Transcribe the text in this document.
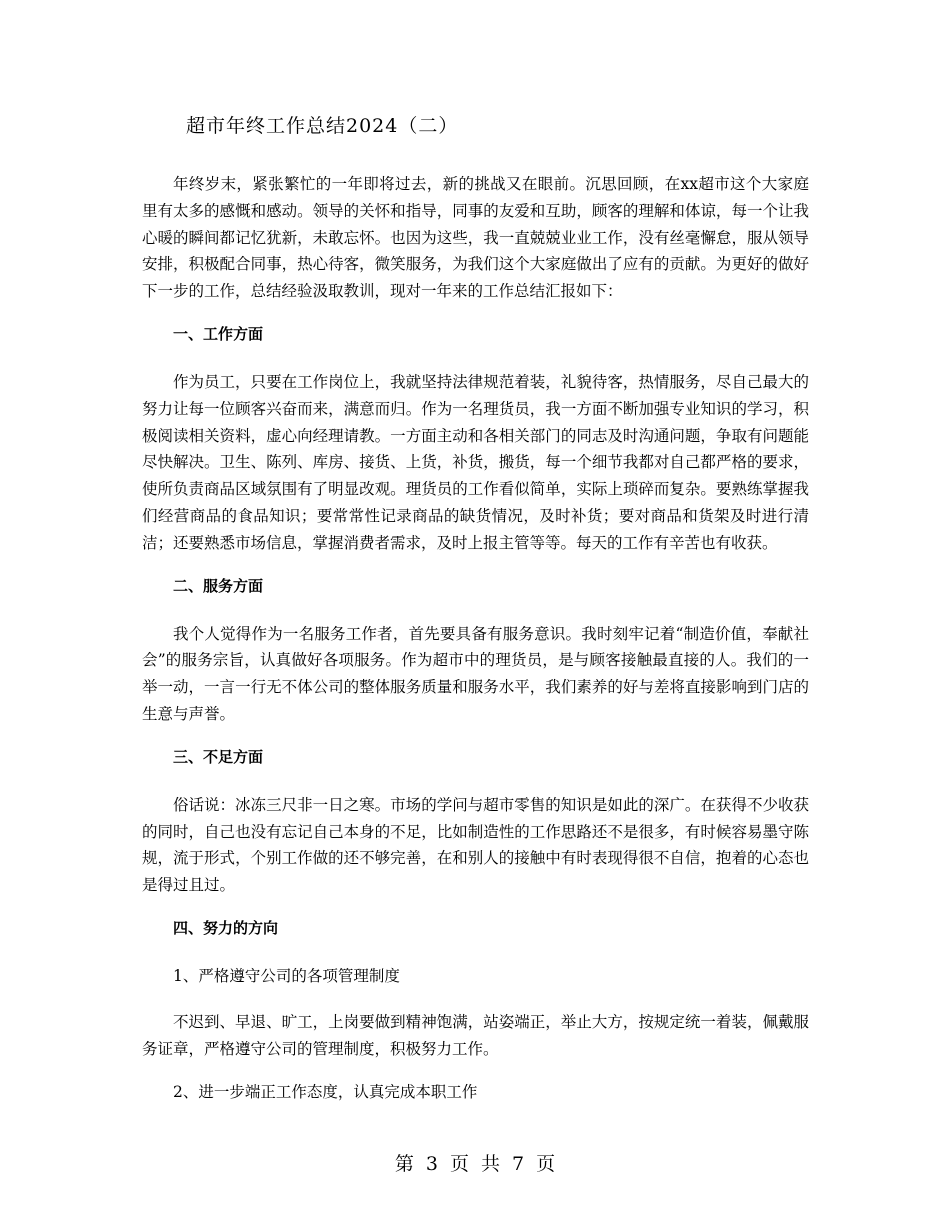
超市年终工作总结2024（二）

年终岁末，紧张繁忙的一年即将过去，新的挑战又在眼前。沉思回顾，在xx超市这个大家庭里有太多的感慨和感动。领导的关怀和指导，同事的友爱和互助，顾客的理解和体谅，每一个让我心暖的瞬间都记忆犹新，未敢忘怀。也因为这些，我一直兢兢业业工作，没有丝毫懈怠，服从领导安排，积极配合同事，热心待客，微笑服务，为我们这个大家庭做出了应有的贡献。为更好的做好下一步的工作，总结经验汲取教训，现对一年来的工作总结汇报如下：

一、工作方面

作为员工，只要在工作岗位上，我就坚持法律规范着装，礼貌待客，热情服务，尽自己最大的努力让每一位顾客兴奋而来，满意而归。作为一名理货员，我一方面不断加强专业知识的学习，积极阅读相关资料，虚心向经理请教。一方面主动和各相关部门的同志及时沟通问题，争取有问题能尽快解决。卫生、陈列、库房、接货、上货，补货，搬货，每一个细节我都对自己都严格的要求，使所负责商品区域氛围有了明显改观。理货员的工作看似简单，实际上琐碎而复杂。要熟练掌握我们经营商品的食品知识；要常常性记录商品的缺货情况，及时补货；要对商品和货架及时进行清洁；还要熟悉市场信息，掌握消费者需求，及时上报主管等等。每天的工作有辛苦也有收获。

二、服务方面

我个人觉得作为一名服务工作者，首先要具备有服务意识。我时刻牢记着“制造价值，奉献社会”的服务宗旨，认真做好各项服务。作为超市中的理货员，是与顾客接触最直接的人。我们的一举一动，一言一行无不体公司的整体服务质量和服务水平，我们素养的好与差将直接影响到门店的生意与声誉。

三、不足方面

俗话说：冰冻三尺非一日之寒。市场的学问与超市零售的知识是如此的深广。在获得不少收获的同时，自己也没有忘记自己本身的不足，比如制造性的工作思路还不是很多，有时候容易墨守陈规，流于形式，个别工作做的还不够完善，在和别人的接触中有时表现得很不自信，抱着的心态也是得过且过。

四、努力的方向
1、严格遵守公司的各项管理制度

不迟到、早退、旷工，上岗要做到精神饱满，站姿端正，举止大方，按规定统一着装，佩戴服务证章，严格遵守公司的管理制度，积极努力工作。

2、进一步端正工作态度，认真完成本职工作
第 3 页 共 7 页
